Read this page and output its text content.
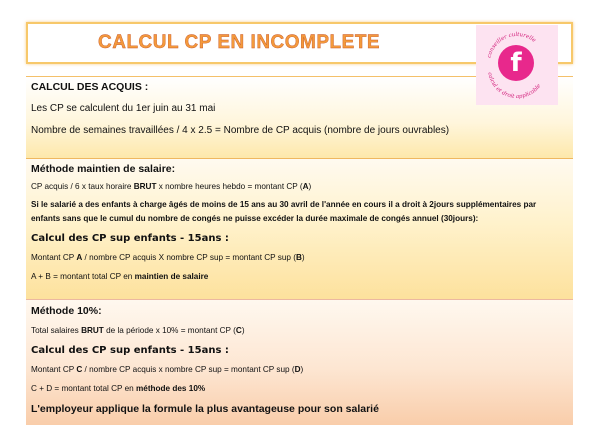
CALCUL CP EN INCOMPLETE
conseiller culturelle
calcul et droit applicable
f
CALCUL DES ACQUIS :
Les CP se calculent du 1er juin au 31 mai
Nombre de semaines travaillées / 4 x 2.5 = Nombre de CP acquis (nombre de jours ouvrables)
Méthode maintien de salaire:
CP acquis / 6 x taux horaire BRUT x nombre heures hebdo = montant CP (A)
Si le salarié a des enfants à charge âgés de moins de 15 ans au 30 avril de l'année en cours il a droit à 2jours supplémentaires par
enfants sans que le cumul du nombre de congés ne puisse excéder la durée maximale de congés annuel (30jours):
Calcul des CP sup enfants - 15ans :
Montant CP A / nombre CP acquis X nombre CP sup = montant CP sup (B)
A + B = montant total CP en maintien de salaire
Méthode 10%:
Total salaires BRUT de la période x 10% = montant CP (C)
Calcul des CP sup enfants - 15ans :
Montant CP C / nombre CP acquis x nombre CP sup = montant CP sup (D)
C + D = montant total CP en méthode des 10%
L'employeur applique la formule la plus avantageuse pour son salarié
